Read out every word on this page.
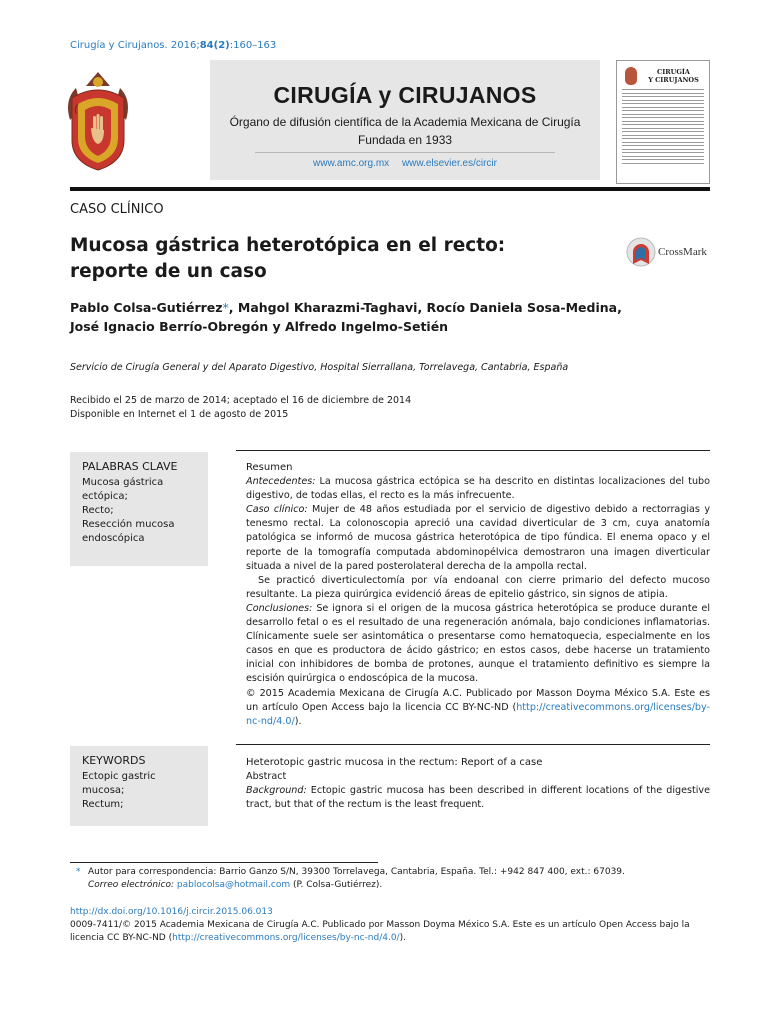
Cirugía y Cirujanos. 2016;84(2):160–163
CIRUGÍA y CIRUJANOS
Órgano de difusión científica de la Academia Mexicana de Cirugía
Fundada en 1933
www.amc.org.mx www.elsevier.es/circir
CIRUGÍA
Y CIRUJANOS
CASO CLÍNICO
Mucosa gástrica heterotópica en el recto:
reporte de un caso
CrossMark
Pablo Colsa-Gutiérrez*, Mahgol Kharazmi-Taghavi, Rocío Daniela Sosa-Medina,
José Ignacio Berrío-Obregón y Alfredo Ingelmo-Setién
Servicio de Cirugía General y del Aparato Digestivo, Hospital Sierrallana, Torrelavega, Cantabria, España
Recibido el 25 de marzo de 2014; aceptado el 16 de diciembre de 2014
Disponible en Internet el 1 de agosto de 2015
PALABRAS CLAVE
Mucosa gástrica
ectópica;
Recto;
Resección mucosa
endoscópica
KEYWORDS
Ectopic gastric
mucosa;
Rectum;

Resumen

Antecedentes: La mucosa gástrica ectópica se ha descrito en distintas localizaciones del tubo digestivo, de todas ellas, el recto es la más infrecuente.

Caso clínico: Mujer de 48 años estudiada por el servicio de digestivo debido a rectorragias y tenesmo rectal. La colonoscopia apreció una cavidad diverticular de 3 cm, cuya anatomía patológica se informó de mucosa gástrica heterotópica de tipo fúndica. El enema opaco y el reporte de la tomografía computada abdominopélvica demostraron una imagen diverticular situada a nivel de la pared posterolateral derecha de la ampolla rectal.

Se practicó diverticulectomía por vía endoanal con cierre primario del defecto mucoso resultante. La pieza quirúrgica evidenció áreas de epitelio gástrico, sin signos de atipia.

Conclusiones: Se ignora si el origen de la mucosa gástrica heterotópica se produce durante el desarrollo fetal o es el resultado de una regeneración anómala, bajo condiciones inflamatorias. Clínicamente suele ser asintomática o presentarse como hematoquecia, especialmente en los casos en que es productora de ácido gástrico; en estos casos, debe hacerse un tratamiento inicial con inhibidores de bomba de protones, aunque el tratamiento definitivo es siempre la escisión quirúrgica o endoscópica de la mucosa.

© 2015 Academia Mexicana de Cirugía A.C. Publicado por Masson Doyma México S.A. Este es un artículo Open Access bajo la licencia CC BY-NC-ND (http://creativecommons.org/licenses/by-nc-nd/4.0/).

Heterotopic gastric mucosa in the rectum: Report of a case

Abstract

Background: Ectopic gastric mucosa has been described in different locations of the digestive tract, but that of the rectum is the least frequent.

* Autor para correspondencia: Barrio Ganzo S/N, 39300 Torrelavega, Cantabria, España. Tel.: +942 847 400, ext.: 67039.
Correo electrónico: pablocolsa@hotmail.com (P. Colsa-Gutiérrez).
http://dx.doi.org/10.1016/j.circir.2015.06.013
0009-7411/© 2015 Academia Mexicana de Cirugía A.C. Publicado por Masson Doyma México S.A. Este es un artículo Open Access bajo la licencia CC BY-NC-ND (http://creativecommons.org/licenses/by-nc-nd/4.0/).
